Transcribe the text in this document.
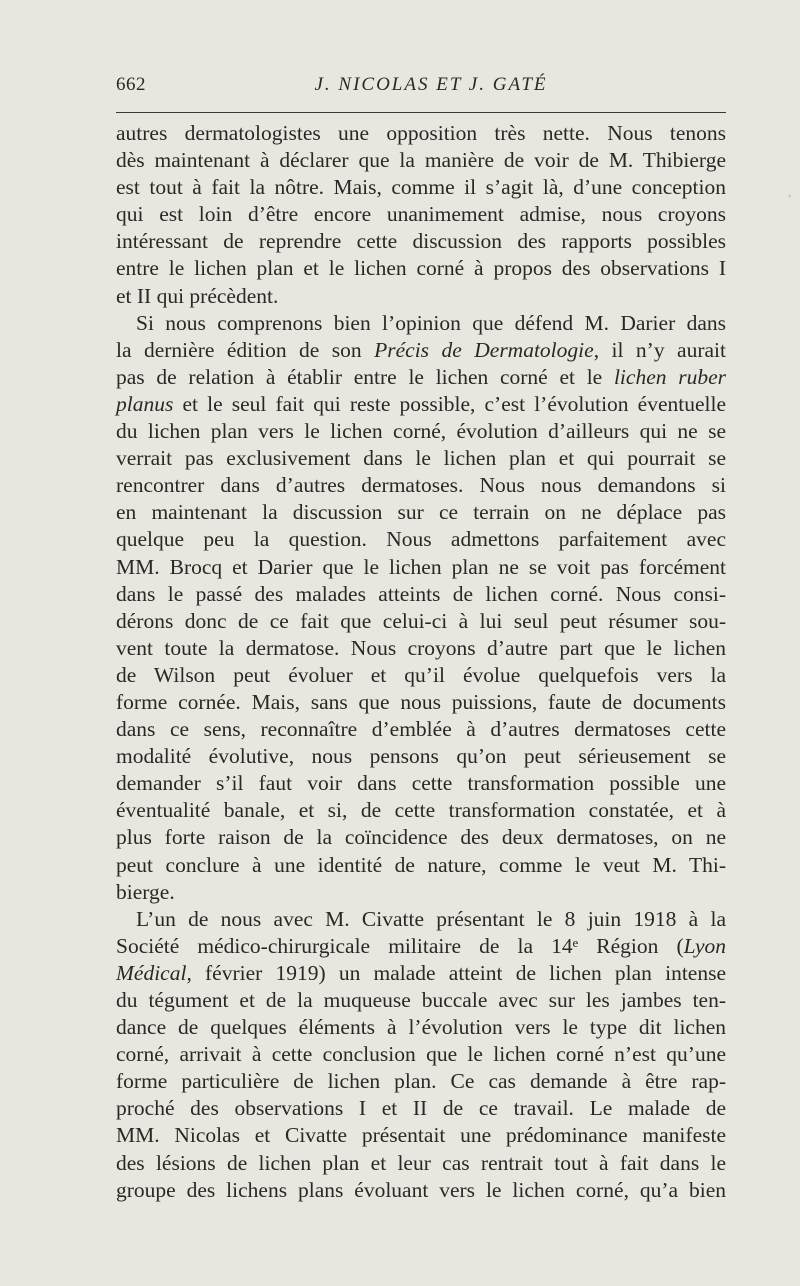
662	J. NICOLAS ET J. GATÉ
,
autres dermatologistes une opposition très nette. Nous tenons
dès maintenant à déclarer que la manière de voir de M. Thibierge
est tout à fait la nôtre. Mais, comme il s’agit là, d’une conception
qui est loin d’être encore unanimement admise, nous croyons
intéressant de reprendre cette discussion des rapports possibles
entre le lichen plan et le lichen corné à propos des observations I
et II qui précèdent.
Si nous comprenons bien l’opinion que défend M. Darier dans
la dernière édition de son Précis de Dermatologie, il n’y aurait
pas de relation à établir entre le lichen corné et le lichen ruber
planus et le seul fait qui reste possible, c’est l’évolution éventuelle
du lichen plan vers le lichen corné, évolution d’ailleurs qui ne se
verrait pas exclusivement dans le lichen plan et qui pourrait se
rencontrer dans d’autres dermatoses. Nous nous demandons si
en maintenant la discussion sur ce terrain on ne déplace pas
quelque peu la question. Nous admettons parfaitement avec
MM. Brocq et Darier que le lichen plan ne se voit pas forcément
dans le passé des malades atteints de lichen corné. Nous consi-
dérons donc de ce fait que celui-ci à lui seul peut résumer sou-
vent toute la dermatose. Nous croyons d’autre part que le lichen
de Wilson peut évoluer et qu’il évolue quelquefois vers la
forme cornée. Mais, sans que nous puissions, faute de documents
dans ce sens, reconnaître d’emblée à d’autres dermatoses cette
modalité évolutive, nous pensons qu’on peut sérieusement se
demander s’il faut voir dans cette transformation possible une
éventualité banale, et si, de cette transformation constatée, et à
plus forte raison de la coïncidence des deux dermatoses, on ne
peut conclure à une identité de nature, comme le veut M. Thi-
bierge.
L’un de nous avec M. Civatte présentant le 8 juin 1918 à la
Société médico-chirurgicale militaire de la 14ᵉ Région (Lyon
Médical, février 1919) un malade atteint de lichen plan intense
du tégument et de la muqueuse buccale avec sur les jambes ten-
dance de quelques éléments à l’évolution vers le type dit lichen
corné, arrivait à cette conclusion que le lichen corné n’est qu’une
forme particulière de lichen plan. Ce cas demande à être rap-
proché des observations I et II de ce travail. Le malade de
MM. Nicolas et Civatte présentait une prédominance manifeste
des lésions de lichen plan et leur cas rentrait tout à fait dans le
groupe des lichens plans évoluant vers le lichen corné, qu’a bien
